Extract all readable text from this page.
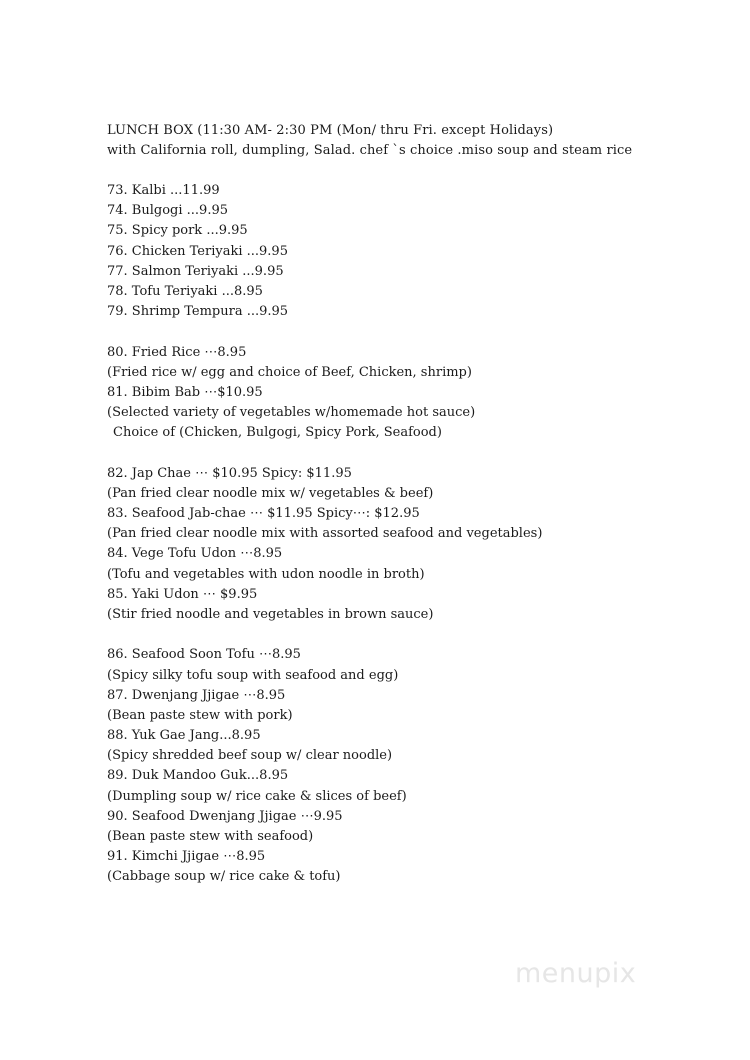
LUNCH BOX (11:30 AM- 2:30 PM (Mon/ thru Fri. except Holidays)
with California roll, dumpling, Salad. chef `s choice .miso soup and steam rice
73. Kalbi ...11.99
74. Bulgogi ...9.95
75. Spicy pork ...9.95
76. Chicken Teriyaki ...9.95
77. Salmon Teriyaki ...9.95
78. Tofu Teriyaki ...8.95
79. Shrimp Tempura ...9.95
80. Fried Rice ⋯8.95
(Fried rice w/ egg and choice of Beef, Chicken, shrimp)
81. Bibim Bab ⋯$10.95
(Selected variety of vegetables w/homemade hot sauce)
Choice of (Chicken, Bulgogi, Spicy Pork, Seafood)
82. Jap Chae ⋯ $10.95 Spicy: $11.95
(Pan fried clear noodle mix w/ vegetables & beef)
83. Seafood Jab-chae ⋯ $11.95 Spicy⋯: $12.95
(Pan fried clear noodle mix with assorted seafood and vegetables)
84. Vege Tofu Udon ⋯8.95
(Tofu and vegetables with udon noodle in broth)
85. Yaki Udon ⋯ $9.95
(Stir fried noodle and vegetables in brown sauce)
86. Seafood Soon Tofu ⋯8.95
(Spicy silky tofu soup with seafood and egg)
87. Dwenjang Jjigae ⋯8.95
(Bean paste stew with pork)
88. Yuk Gae Jang...8.95
(Spicy shredded beef soup w/ clear noodle)
89. Duk Mandoo Guk...8.95
(Dumpling soup w/ rice cake & slices of beef)
90. Seafood Dwenjang Jjigae ⋯9.95
(Bean paste stew with seafood)
91. Kimchi Jjigae ⋯8.95
(Cabbage soup w/ rice cake & tofu)
menupix
